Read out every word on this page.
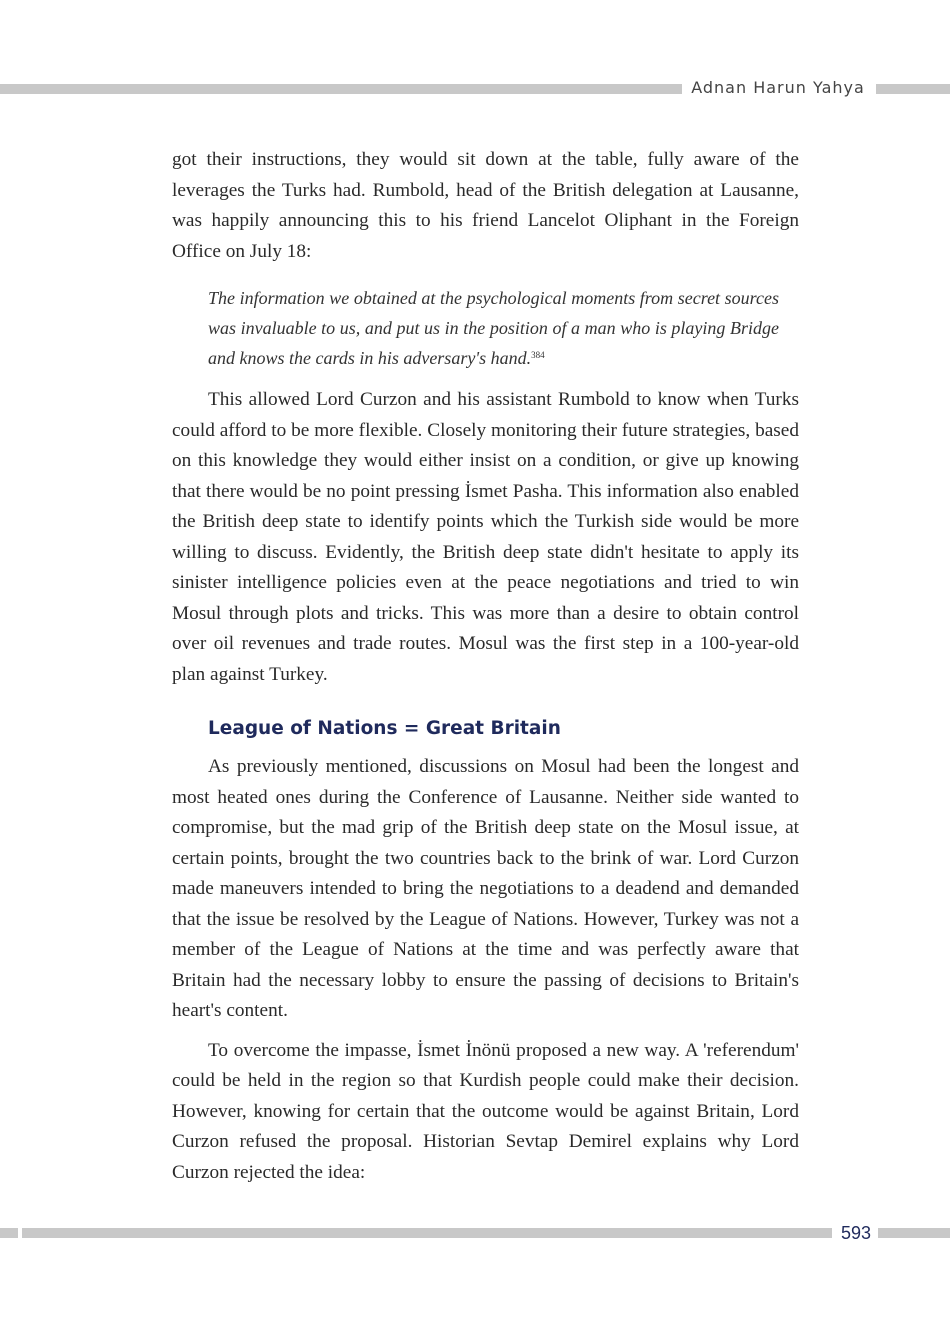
Adnan Harun Yahya

got their instructions, they would sit down at the table, fully aware of the leverages the Turks had. Rumbold, head of the British delegation at Lausanne, was happily announcing this to his friend Lancelot Oliphant in the Foreign Office on July 18:

The information we obtained at the psychological moments from secret sources was invaluable to us, and put us in the position of a man who is playing Bridge and knows the cards in his adversary's hand.$^{384}$

This allowed Lord Curzon and his assistant Rumbold to know when Turks could afford to be more flexible. Closely monitoring their future strategies, based on this knowledge they would either insist on a condition, or give up knowing that there would be no point pressing İsmet Pasha. This information also enabled the British deep state to identify points which the Turkish side would be more willing to discuss. Evidently, the British deep state didn't hesitate to apply its sinister intelligence policies even at the peace negotiations and tried to win Mosul through plots and tricks. This was more than a desire to obtain control over oil revenues and trade routes. Mosul was the first step in a 100-year-old plan against Turkey.

League of Nations = Great Britain

As previously mentioned, discussions on Mosul had been the longest and most heated ones during the Conference of Lausanne. Neither side wanted to compromise, but the mad grip of the British deep state on the Mosul issue, at certain points, brought the two countries back to the brink of war. Lord Curzon made maneuvers intended to bring the negotiations to a deadend and demanded that the issue be resolved by the League of Nations. However, Turkey was not a member of the League of Nations at the time and was perfectly aware that Britain had the necessary lobby to ensure the passing of decisions to Britain's heart's content.

To overcome the impasse, İsmet İnönü proposed a new way. A 'referendum' could be held in the region so that Kurdish people could make their decision. However, knowing for certain that the outcome would be against Britain, Lord Curzon refused the proposal. Historian Sevtap Demirel explains why Lord Curzon rejected the idea:

593
